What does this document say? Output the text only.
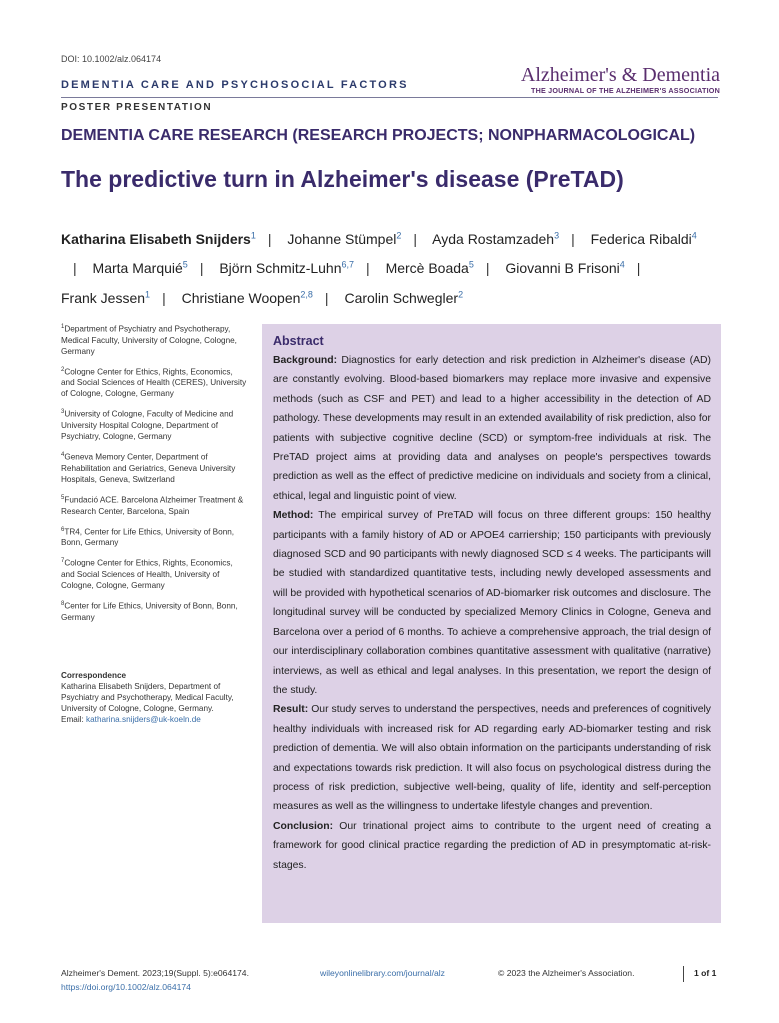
DOI: 10.1002/alz.064174
DEMENTIA CARE AND PSYCHOSOCIAL FACTORS
POSTER PRESENTATION
Alzheimer's & Dementia
THE JOURNAL OF THE ALZHEIMER'S ASSOCIATION
DEMENTIA CARE RESEARCH (RESEARCH PROJECTS; NONPHARMACOLOGICAL)
The predictive turn in Alzheimer's disease (PreTAD)
Katharina Elisabeth Snijders$^1$ | Johanne Stümpel$^2$ | Ayda Rostamzadeh$^3$ | Federica Ribaldi$^4$| Marta Marquié$^5$ | Björn Schmitz-Luhn$^{6,7}$ | Mercè Boada$^5$ | Giovanni B Frisoni$^4$ | Frank Jessen$^1$ | Christiane Woopen$^{2,8}$ | Carolin Schwegler$^2$
$^1$Department of Psychiatry and Psychotherapy, Medical Faculty, University of Cologne, Cologne, Germany
$^2$Cologne Center for Ethics, Rights, Economics, and Social Sciences of Health (CERES), University of Cologne, Cologne, Germany
$^3$University of Cologne, Faculty of Medicine and University Hospital Cologne, Department of Psychiatry, Cologne, Germany
$^4$Geneva Memory Center, Department of Rehabilitation and Geriatrics, Geneva University Hospitals, Geneva, Switzerland
$^5$Fundació ACE. Barcelona Alzheimer Treatment & Research Center, Barcelona, Spain
$^6$TR4, Center for Life Ethics, University of Bonn, Bonn, Germany
$^7$Cologne Center for Ethics, Rights, Economics, and Social Sciences of Health, University of Cologne, Cologne, Germany
$^8$Center for Life Ethics, University of Bonn, Bonn, Germany
Correspondence
Katharina Elisabeth Snijders, Department of Psychiatry and Psychotherapy, Medical Faculty, University of Cologne, Cologne, Germany.
Email: katharina.snijders@uk-koeln.de
Abstract
Background: Diagnostics for early detection and risk prediction in Alzheimer's disease (AD) are constantly evolving. Blood-based biomarkers may replace more invasive and expensive methods (such as CSF and PET) and lead to a higher accessibility in the detection of AD pathology. These developments may result in an extended availability of risk prediction, also for patients with subjective cognitive decline (SCD) or symptom-free individuals at risk. The PreTAD project aims at providing data and analyses on people's perspectives towards prediction as well as the effect of predictive medicine on individuals and society from a clinical, ethical, legal and linguistic point of view.
Method: The empirical survey of PreTAD will focus on three different groups: 150 healthy participants with a family history of AD or APOE4 carriership; 150 participants with previously diagnosed SCD and 90 participants with newly diagnosed SCD ≤ 4 weeks. The participants will be studied with standardized quantitative tests, including newly developed assessments and will be provided with hypothetical scenarios of AD-biomarker risk outcomes and disclosure. The longitudinal survey will be conducted by specialized Memory Clinics in Cologne, Geneva and Barcelona over a period of 6 months. To achieve a comprehensive approach, the trial design of our interdisciplinary collaboration combines quantitative assessment with qualitative (narrative) interviews, as well as ethical and legal analyses. In this presentation, we report the design of the study.
Result: Our study serves to understand the perspectives, needs and preferences of cognitively healthy individuals with increased risk for AD regarding early AD-biomarker testing and risk prediction of dementia. We will also obtain information on the participants understanding of risk and expectations towards risk prediction. It will also focus on psychological distress during the process of risk prediction, subjective well-being, quality of life, identity and self-perception measures as well as the willingness to undertake lifestyle changes and prevention.
Conclusion: Our trinational project aims to contribute to the urgent need of creating a framework for good clinical practice regarding the prediction of AD in presymptomatic at-risk-stages.
Alzheimer's Dement. 2023;19(Suppl. 5):e064174.
https://doi.org/10.1002/alz.064174
wileyonlinelibrary.com/journal/alz	© 2023 the Alzheimer's Association.	1 of 1
